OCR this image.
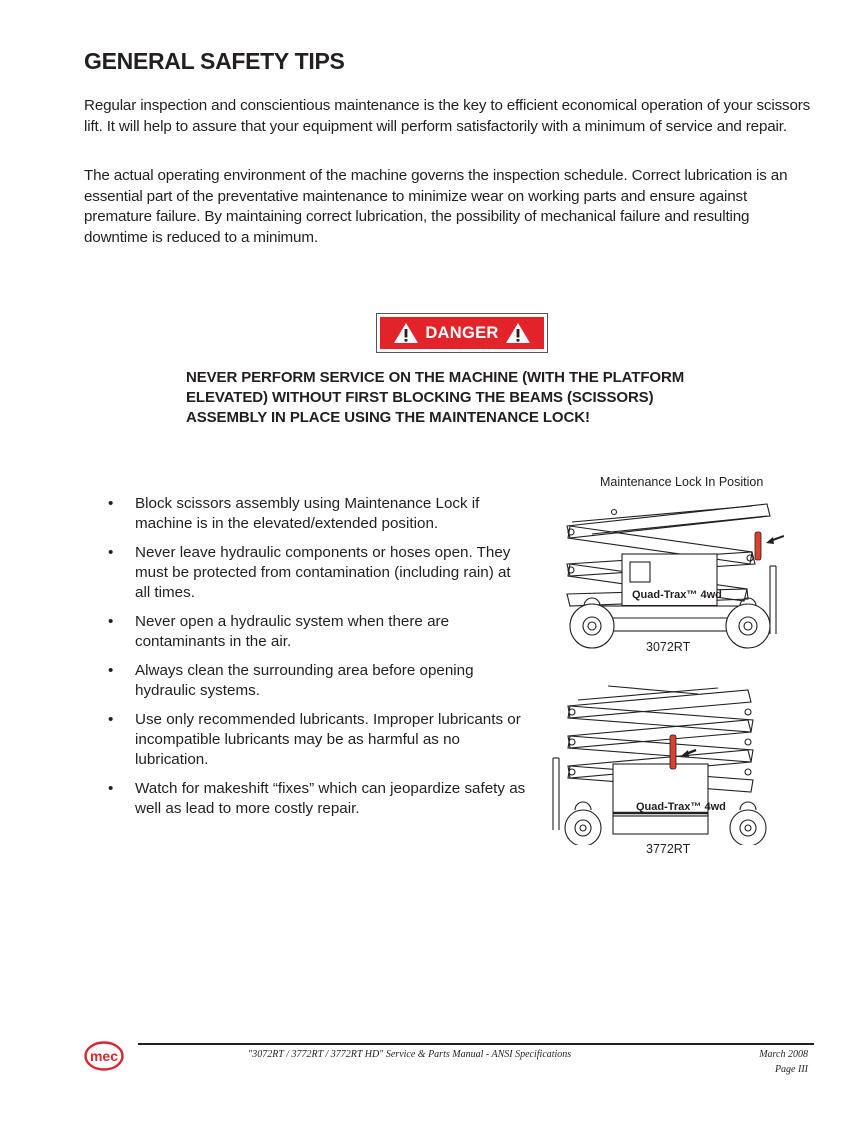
GENERAL SAFETY TIPS

Regular inspection and conscientious maintenance is the key to efficient economical operation of your scissors lift. It will help to assure that your equipment will perform satisfactorily with a minimum of service and repair.

The actual operating environment of the machine governs the inspection schedule. Correct lubrication is an essential part of the preventative maintenance to minimize wear on working parts and ensure against premature failure. By maintaining correct lubrication, the possibility of mechanical failure and resulting downtime is reduced to a minimum.

DANGER

NEVER PERFORM SERVICE ON THE MACHINE (WITH THE PLATFORM ELEVATED) WITHOUT FIRST BLOCKING THE BEAMS (SCISSORS) ASSEMBLY IN PLACE USING THE MAINTENANCE LOCK!

• Block scissors assembly using Maintenance Lock if machine is in the elevated/extended position.
• Never leave hydraulic components or hoses open. They must be protected from contamination (including rain) at all times.
• Never open a hydraulic system when there are contaminants in the air.
• Always clean the surrounding area before opening hydraulic systems.
• Use only recommended lubricants. Improper lubricants or incompatible lubricants may be as harmful as no lubrication.
• Watch for makeshift “fixes” which can jeopardize safety as well as lead to more costly repair.
Maintenance Lock In Position
Quad-Trax™ 4wd
3072RT
Quad-Trax™ 4wd
3772RT
mec	"3072RT / 3772RT / 3772RT HD" Service & Parts Manual - ANSI Specifications	March 2008
Page III
